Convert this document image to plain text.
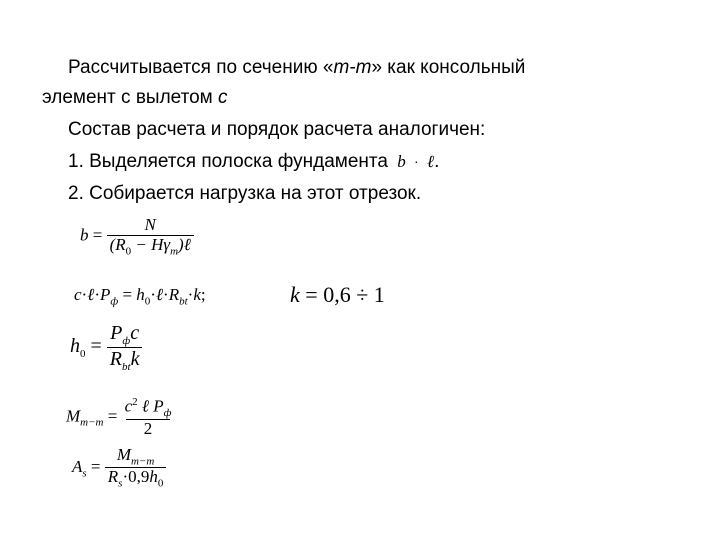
Рассчитывается по сечению «m-m» как консольный
элемент с вылетом c
Состав расчета и порядок расчета аналогичен:
1. Выделяется полоска фундамента b · ℓ.
2. Собирается нагрузка на этот отрезок.
$b = \frac{N}{(R_0 - H\gamma_m)\ell}$
$c\cdot\ell\cdot P_ф$ = $h_0\cdot\ell\cdot R_{bt}\cdot k$;	k = 0,6 ÷ 1
$h_0 = \frac{P_фc}{R_{bt}k}$
$M_{m-m} = \frac{c^2 \ell P_ф}{2}$
$A_s = \frac{M_{m-m}}{R_s\cdot 0,9h_0}$
